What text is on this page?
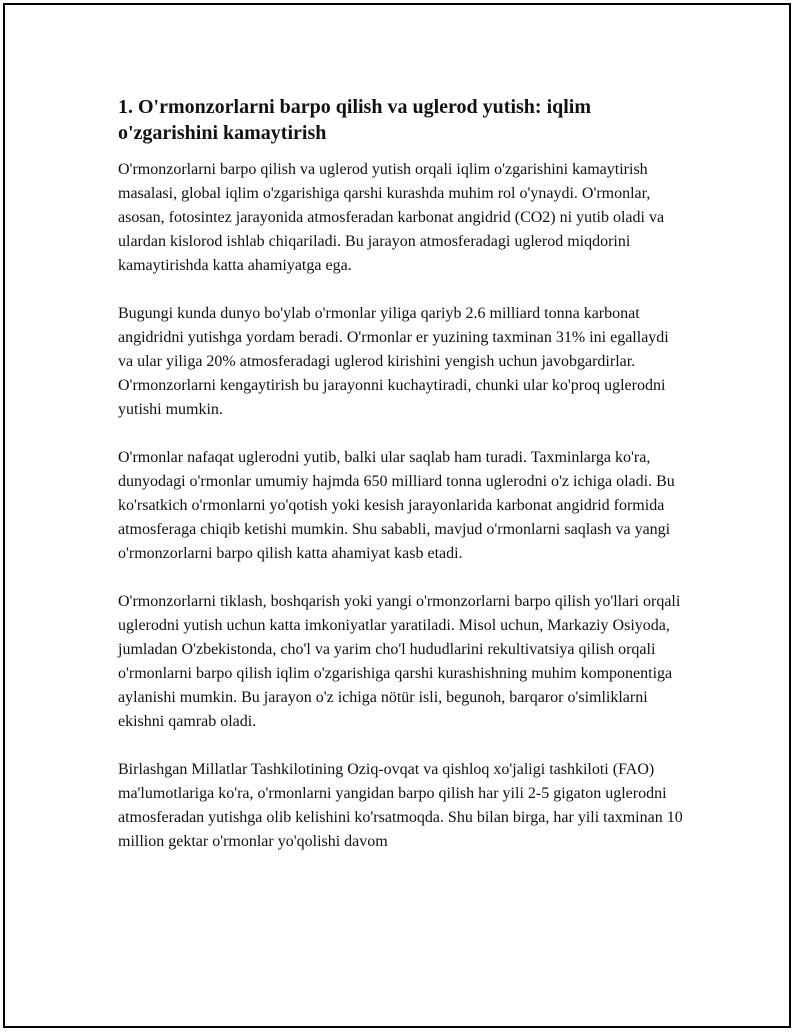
1. O'rmonzorlarni barpo qilish va uglerod yutish: iqlim o'zgarishini kamaytirish

O'rmonzorlarni barpo qilish va uglerod yutish orqali iqlim o'zgarishini kamaytirish masalasi, global iqlim o'zgarishiga qarshi kurashda muhim rol o'ynaydi. O'rmonlar, asosan, fotosintez jarayonida atmosferadan karbonat angidrid (CO2) ni yutib oladi va ulardan kislorod ishlab chiqariladi. Bu jarayon atmosferadagi uglerod miqdorini kamaytirishda katta ahamiyatga ega.

Bugungi kunda dunyo bo'ylab o'rmonlar yiliga qariyb 2.6 milliard tonna karbonat angidridni yutishga yordam beradi. O'rmonlar er yuzining taxminan 31% ini egallaydi va ular yiliga 20% atmosferadagi uglerod kirishini yengish uchun javobgardirlar. O'rmonzorlarni kengaytirish bu jarayonni kuchaytiradi, chunki ular ko'proq uglerodni yutishi mumkin.

O'rmonlar nafaqat uglerodni yutib, balki ular saqlab ham turadi. Taxminlarga ko'ra, dunyodagi o'rmonlar umumiy hajmda 650 milliard tonna uglerodni o'z ichiga oladi. Bu ko'rsatkich o'rmonlarni yo'qotish yoki kesish jarayonlarida karbonat angidrid formida atmosferaga chiqib ketishi mumkin. Shu sababli, mavjud o'rmonlarni saqlash va yangi o'rmonzorlarni barpo qilish katta ahamiyat kasb etadi.

O'rmonzorlarni tiklash, boshqarish yoki yangi o'rmonzorlarni barpo qilish yo'llari orqali uglerodni yutish uchun katta imkoniyatlar yaratiladi. Misol uchun, Markaziy Osiyoda, jumladan O'zbekistonda, cho'l va yarim cho'l hududlarini rekultivatsiya qilish orqali o'rmonlarni barpo qilish iqlim o'zgarishiga qarshi kurashishning muhim komponentiga aylanishi mumkin. Bu jarayon o'z ichiga nötür isli, begunoh, barqaror o'simliklarni ekishni qamrab oladi.

Birlashgan Millatlar Tashkilotining Oziq-ovqat va qishloq xo'jaligi tashkiloti (FAO) ma'lumotlariga ko'ra, o'rmonlarni yangidan barpo qilish har yili 2-5 gigaton uglerodni atmosferadan yutishga olib kelishini ko'rsatmoqda. Shu bilan birga, har yili taxminan 10 million gektar o'rmonlar yo'qolishi davom
